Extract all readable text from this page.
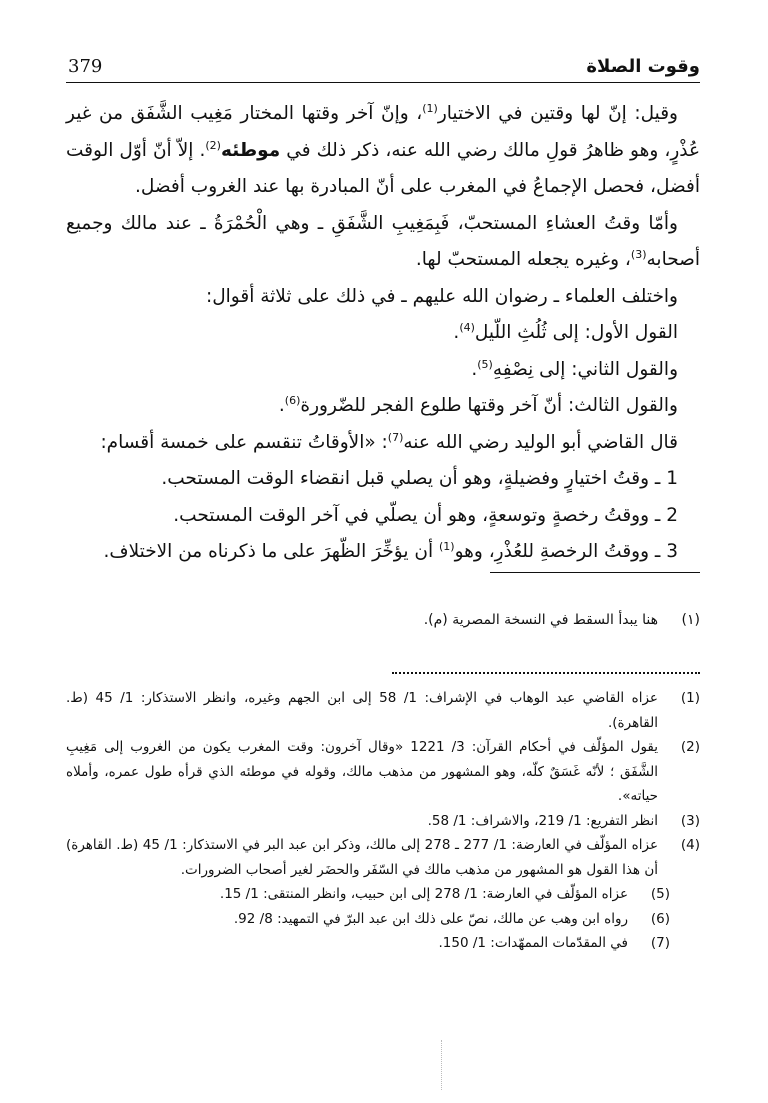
379	وقوت الصلاة

وقيل: إنّ لها وقتين في الاختيار$^{(1)}$، وإنّ آخر وقتها المختار مَغِيب الشَّفَق من غير عُذْرٍ، وهو ظاهرُ قولِ مالك رضي الله عنه، ذكر ذلك في موطئه$^{(2)}$. إلاّ أنّ أوّل الوقت أفضل، فحصل الإجماعُ في المغرب على أنّ المبادرة بها عند الغروب أفضل.

وأمّا وقتُ العشاءِ المستحبّ، فَبِمَغِيبِ الشَّفَقِ ـ وهي الْحُمْرَةُ ـ عند مالك وجميع أصحابه$^{(3)}$، وغيره يجعله المستحبّ لها.

واختلف العلماء ـ رضوان الله عليهم ـ في ذلك على ثلاثة أقوال:

القول الأول: إلى ثُلُثِ اللّيل$^{(4)}$.

والقول الثاني: إلى نِصْفِهِ$^{(5)}$.

والقول الثالث: أنّ آخر وقتها طلوع الفجر للضّرورة$^{(6)}$.

قال القاضي أبو الوليد رضي الله عنه$^{(7)}$: «الأوقاتُ تنقسم على خمسة أقسام:

1 ـ وقتُ اختيارٍ وفضيلةٍ، وهو أن يصلي قبل انقضاء الوقت المستحب.

2 ـ ووقتُ رخصةٍ وتوسعةٍ، وهو أن يصلّي في آخر الوقت المستحب.

3 ـ ووقتُ الرخصةِ للعُذْرِ، وهو$^{(1)}$ أن يؤخِّرَ الظّهرَ على ما ذكرناه من الاختلاف.

(١)
هنا يبدأ السقط في النسخة المصرية (م).
(1)
عزاه القاضي عبد الوهاب في الإشراف: 1/ 58 إلى ابن الجهم وغيره، وانظر الاستذكار: 1/ 45 (ط. القاهرة).
(2)
يقول المؤلّف في أحكام القرآن: 3/ 1221 «وقال آخرون: وقت المغرب يكون من الغروب إلى مَغِيبِ الشَّفَق ؛ لأنّه غَسَقٌ كلّه، وهو المشهور من مذهب مالك، وقوله في موطئه الذي قرأه طول عمره، وأملاه حياته».
(3)
انظر التفريع: 1/ 219، والاشراف: 1/ 58.
(4)
عزاه المؤلّف في العارضة: 1/ 277 ـ 278 إلى مالك، وذكر ابن عبد البر في الاستذكار: 1/ 45 (ط. القاهرة) أن هذا القول هو المشهور من مذهب مالك في السّفَر والحضَر لغير أصحاب الضرورات.
(5)
عزاه المؤلّف في العارضة: 1/ 278 إلى ابن حبيب، وانظر المنتقى: 1/ 15.
(6)
رواه ابن وهب عن مالك، نصّ على ذلك ابن عبد البرّ في التمهيد: 8/ 92.
(7)
في المقدّمات الممهّدات: 1/ 150.
